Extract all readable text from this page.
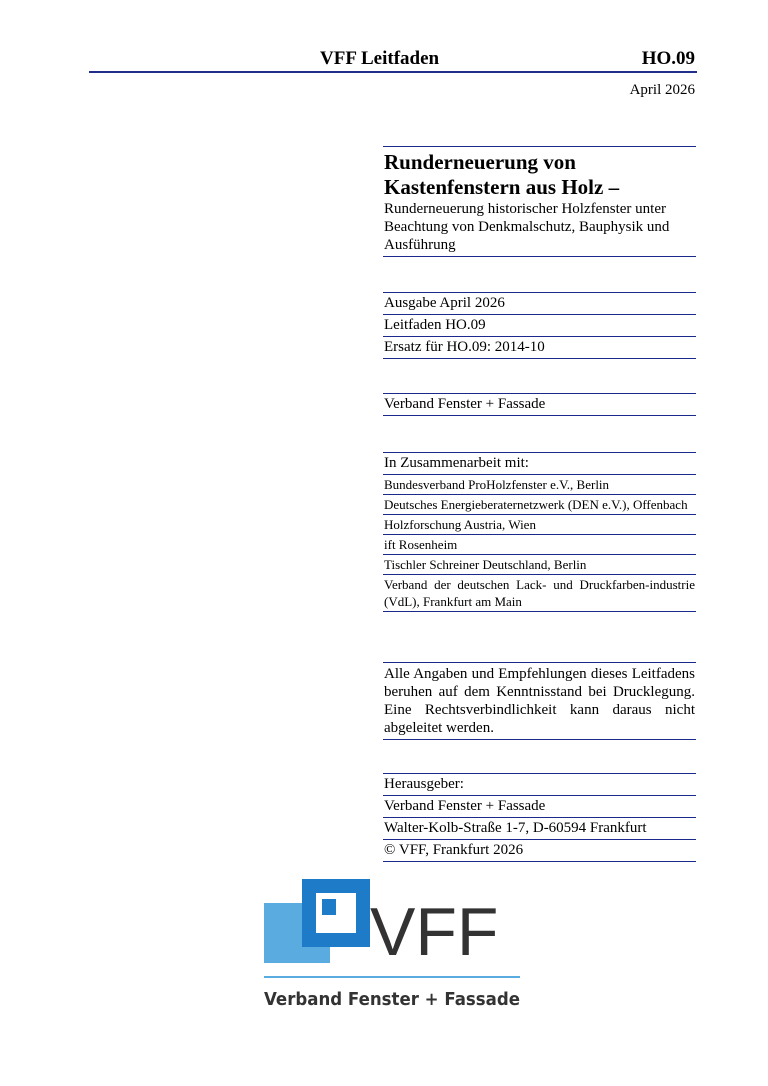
VFF Leitfaden	HO.09
April 2026
Runderneuerung von
Kastenfenstern aus Holz –
Runderneuerung historischer Holzfenster unter Beachtung von Denkmalschutz, Bauphysik und Ausführung
Ausgabe April 2026
Leitfaden HO.09
Ersatz für HO.09: 2014-10
Verband Fenster + Fassade
In Zusammenarbeit mit:
Bundesverband ProHolzfenster e.V., Berlin
Deutsches Energieberaternetzwerk (DEN e.V.), Offenbach
Holzforschung Austria, Wien
ift Rosenheim
Tischler Schreiner Deutschland, Berlin
Verband der deutschen Lack- und Druckfarben-industrie (VdL), Frankfurt am Main
Alle Angaben und Empfehlungen dieses Leitfadens beruhen auf dem Kenntnisstand bei Drucklegung. Eine Rechtsverbindlichkeit kann daraus nicht abgeleitet werden.
Herausgeber:
Verband Fenster + Fassade
Walter-Kolb-Straße 1-7, D-60594 Frankfurt
© VFF, Frankfurt 2026
VFF
Verband Fenster + Fassade
